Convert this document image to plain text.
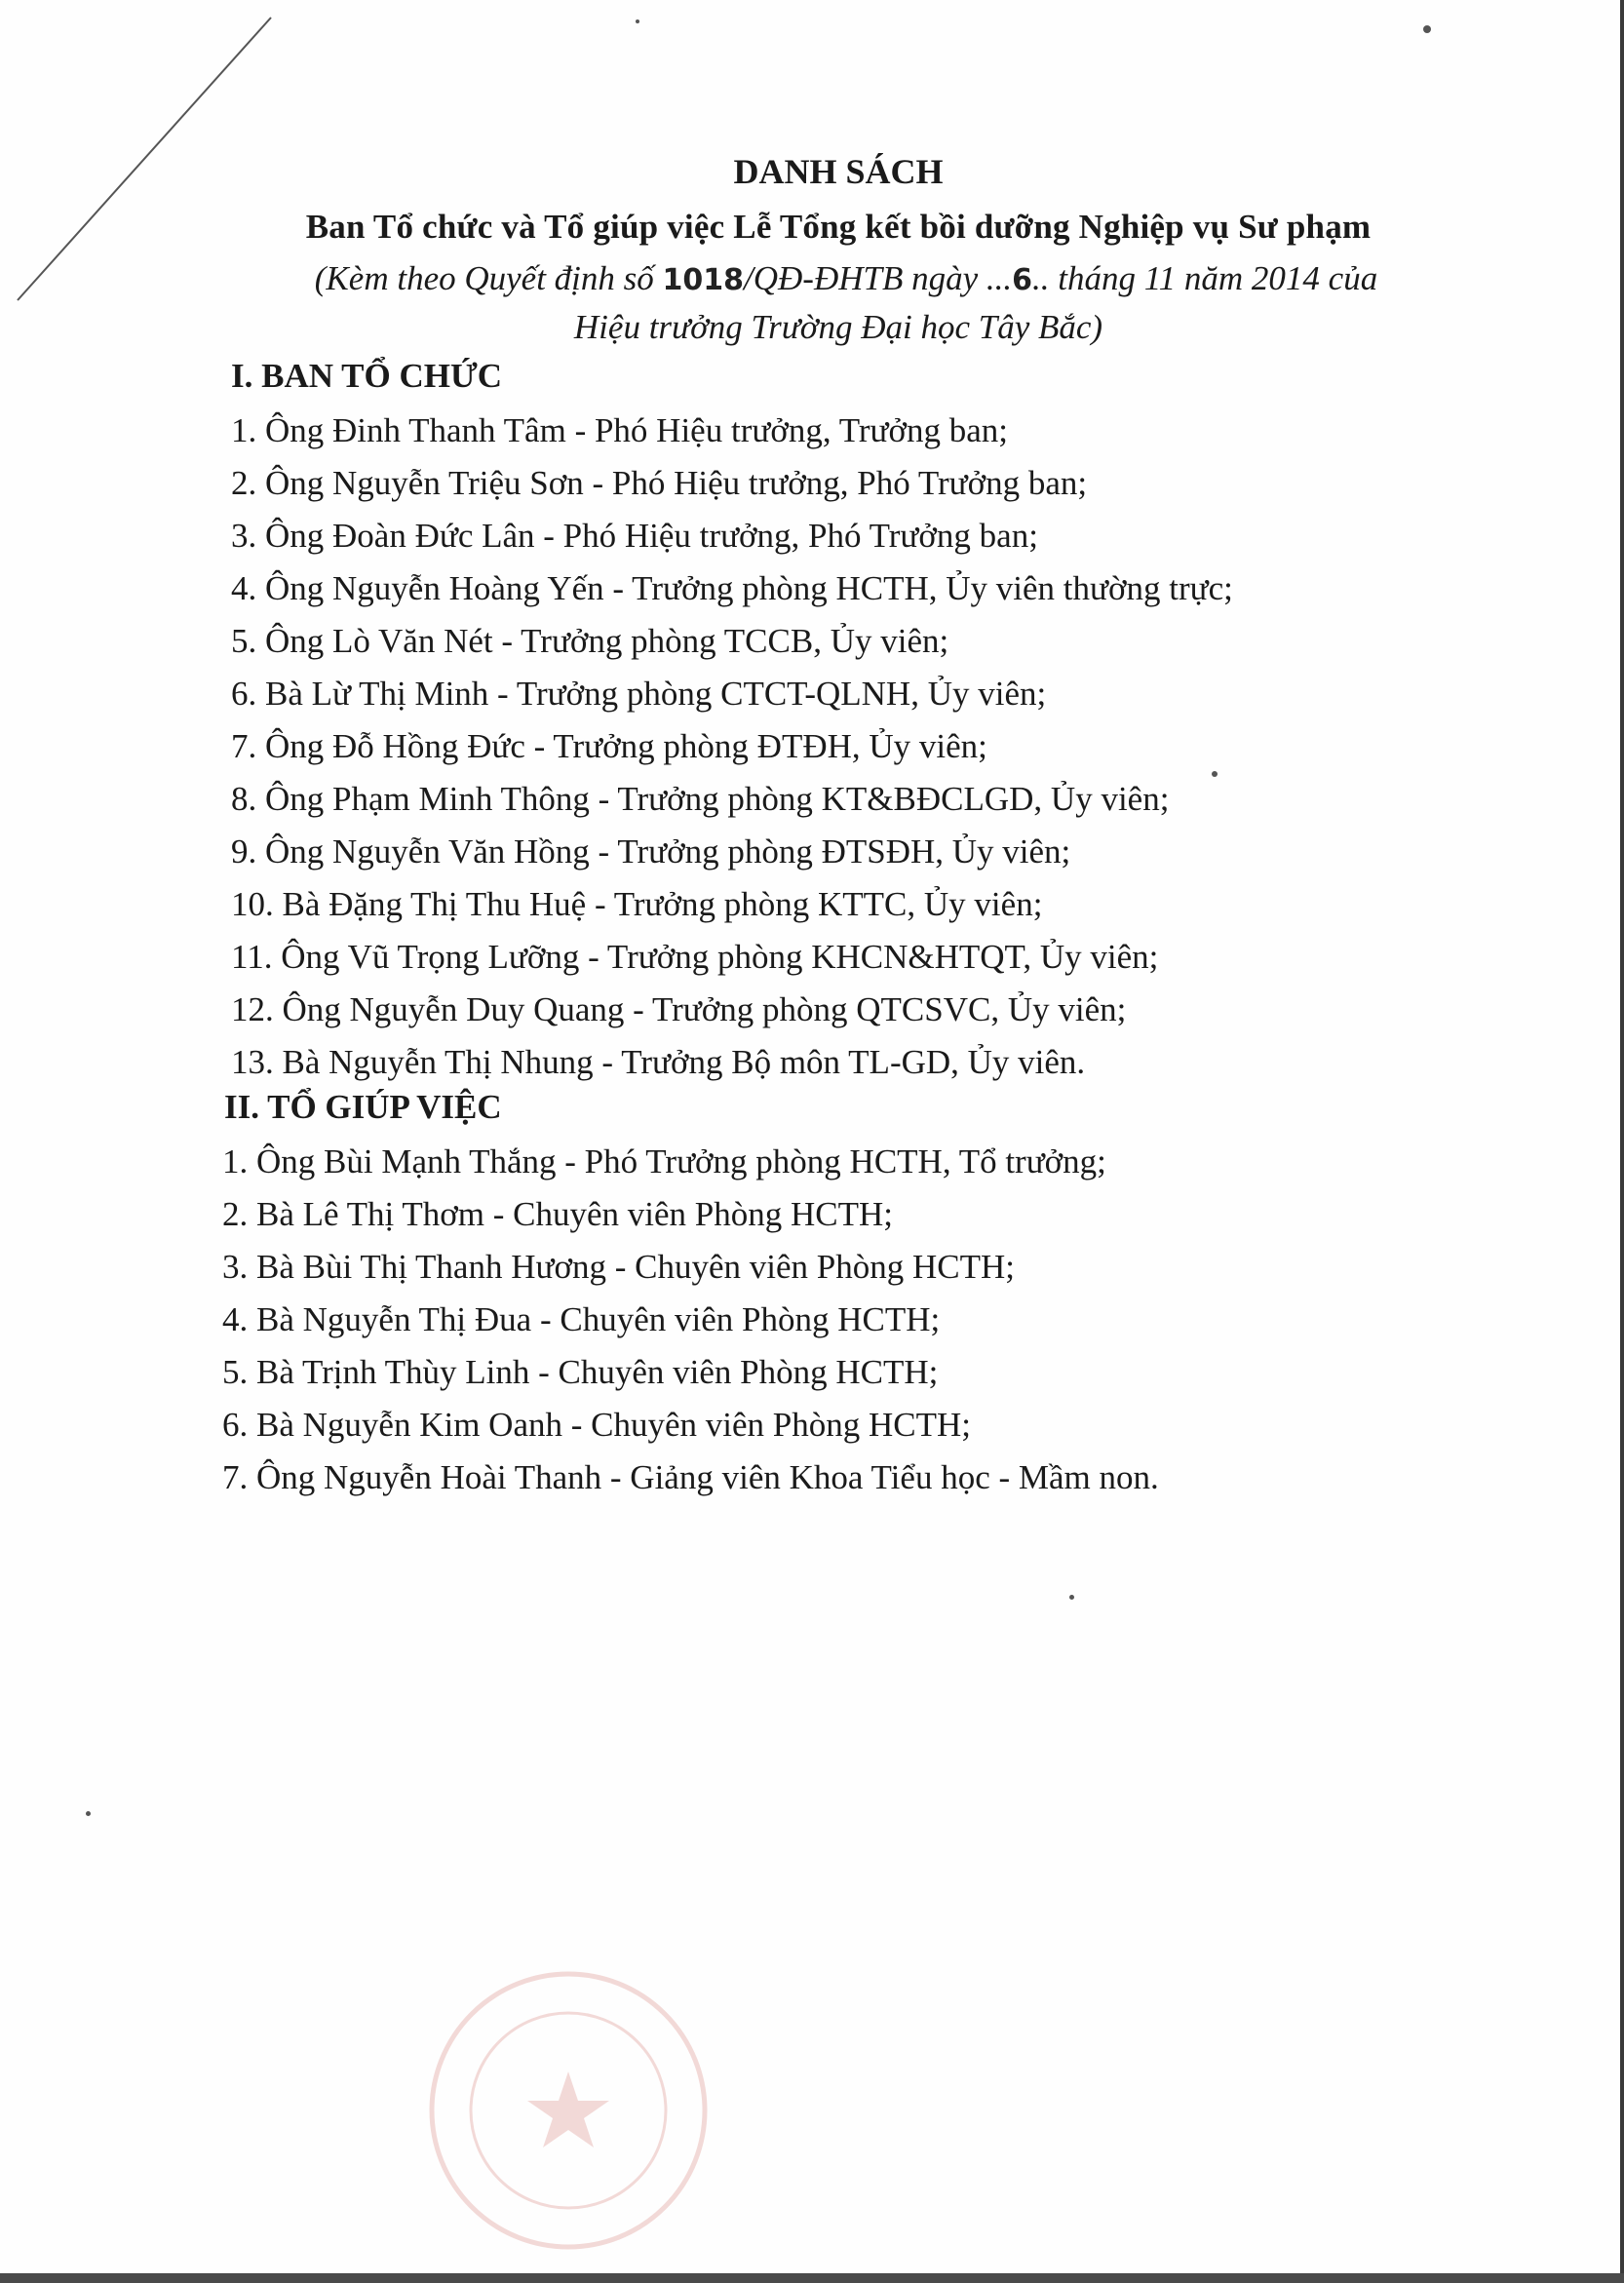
DANH SÁCH
Ban Tổ chức và Tổ giúp việc Lễ Tổng kết bồi dưỡng Nghiệp vụ Sư phạm
(Kèm theo Quyết định số 1018/QĐ-ĐHTB ngày ...6.. tháng 11 năm 2014 của
Hiệu trưởng Trường Đại học Tây Bắc)
I. BAN TỔ CHỨC
1. Ông Đinh Thanh Tâm - Phó Hiệu trưởng, Trưởng ban;
2. Ông Nguyễn Triệu Sơn - Phó Hiệu trưởng, Phó Trưởng ban;
3. Ông Đoàn Đức Lân - Phó Hiệu trưởng, Phó Trưởng ban;
4. Ông Nguyễn Hoàng Yến - Trưởng phòng HCTH, Ủy viên thường trực;
5. Ông Lò Văn Nét - Trưởng phòng TCCB, Ủy viên;
6. Bà Lừ Thị Minh - Trưởng phòng CTCT-QLNH, Ủy viên;
7. Ông Đỗ Hồng Đức - Trưởng phòng ĐTĐH, Ủy viên;
8. Ông Phạm Minh Thông - Trưởng phòng KT&BĐCLGD, Ủy viên;
9. Ông Nguyễn Văn Hồng - Trưởng phòng ĐTSĐH, Ủy viên;
10. Bà Đặng Thị Thu Huệ - Trưởng phòng KTTC, Ủy viên;
11. Ông Vũ Trọng Lưỡng - Trưởng phòng KHCN&HTQT, Ủy viên;
12. Ông Nguyễn Duy Quang - Trưởng phòng QTCSVC, Ủy viên;
13. Bà Nguyễn Thị Nhung - Trưởng Bộ môn TL-GD, Ủy viên.
II. TỔ GIÚP VIỆC
1. Ông Bùi Mạnh Thắng - Phó Trưởng phòng HCTH, Tổ trưởng;
2. Bà Lê Thị Thơm - Chuyên viên Phòng HCTH;
3. Bà Bùi Thị Thanh Hương - Chuyên viên Phòng HCTH;
4. Bà Nguyễn Thị Đua - Chuyên viên Phòng HCTH;
5. Bà Trịnh Thùy Linh - Chuyên viên Phòng HCTH;
6. Bà Nguyễn Kim Oanh - Chuyên viên Phòng HCTH;
7. Ông Nguyễn Hoài Thanh - Giảng viên Khoa Tiểu học - Mầm non.
